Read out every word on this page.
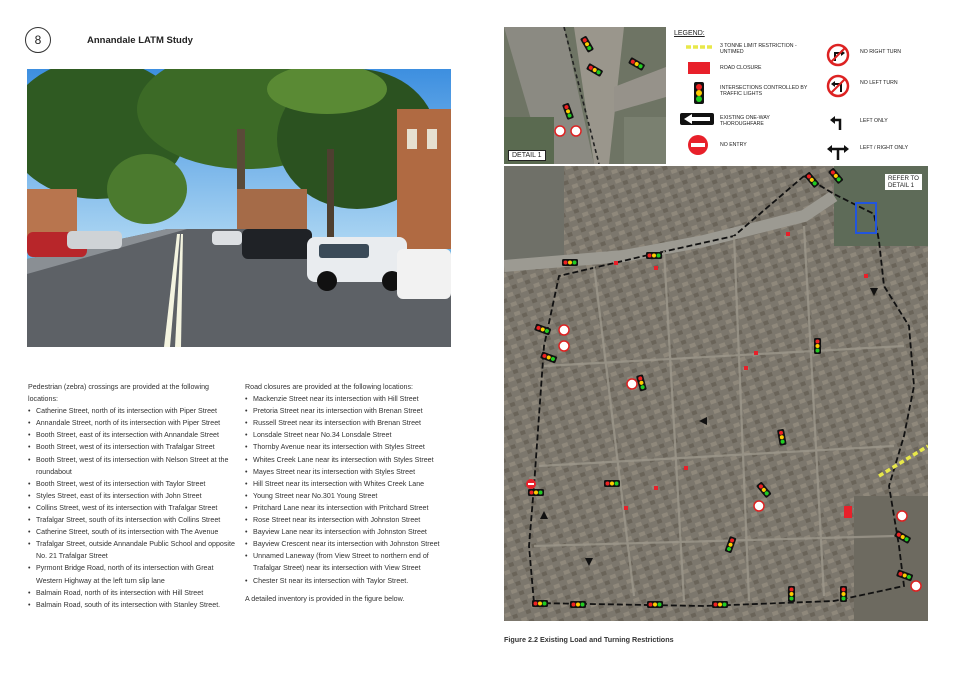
8	Annandale LATM Study

Pedestrian (zebra) crossings are provided at the following locations:

• Catherine Street, north of its intersection with Piper Street
• Annandale Street, north of its intersection with Piper Street
• Booth Street, east of its intersection with Annandale Street
• Booth Street, west of its intersection with Trafalgar Street
• Booth Street, west of its intersection with Nelson Street at the roundabout
• Booth Street, west of its intersection with Taylor Street
• Styles Street, east of its intersection with John Street
• Collins Street, west of its intersection with Trafalgar Street
• Trafalgar Street, south of its intersection with Collins Street
• Catherine Street, south of its intersection with The Avenue
• Trafalgar Street, outside Annandale Public School and opposite No. 21 Trafalgar Street
• Pyrmont Bridge Road, north of its intersection with Great Western Highway at the left turn slip lane
• Balmain Road, north of its intersection with Hill Street
• Balmain Road, south of its intersection with Stanley Street.

Road closures are provided at the following locations:

• Mackenzie Street near its intersection with Hill Street
• Pretoria Street near its intersection with Brenan Street
• Russell Street near its intersection with Brenan Street
• Lonsdale Street near No.34 Lonsdale Street
• Thornby Avenue near its intersection with Styles Street
• Whites Creek Lane near its intersection with Styles Street
• Mayes Street near its intersection with Styles Street
• Hill Street near its intersection with Whites Creek Lane
• Young Street near No.301 Young Street
• Pritchard Lane near its intersection with Pritchard Street
• Rose Street near its intersection with Johnston Street
• Bayview Lane near its intersection with Johnston Street
• Bayview Crescent near its intersection with Johnston Street
• Unnamed Laneway (from View Street to northern end of Trafalgar Street) near its intersection with View Street
• Chester St near its intersection with Taylor Street.

A detailed inventory is provided in the figure below.

DETAIL 1
LEGEND:
3 TONNE LIMIT RESTRICTION - UNTIMED
ROAD CLOSURE
INTERSECTIONS CONTROLLED BY TRAFFIC LIGHTS
EXISTING ONE-WAY THOROUGHFARE
NO ENTRY
NO RIGHT TURN
NO LEFT TURN
LEFT ONLY
LEFT / RIGHT ONLY
REFER TO
DETAIL 1
Figure 2.2 Existing Load and Turning Restrictions
